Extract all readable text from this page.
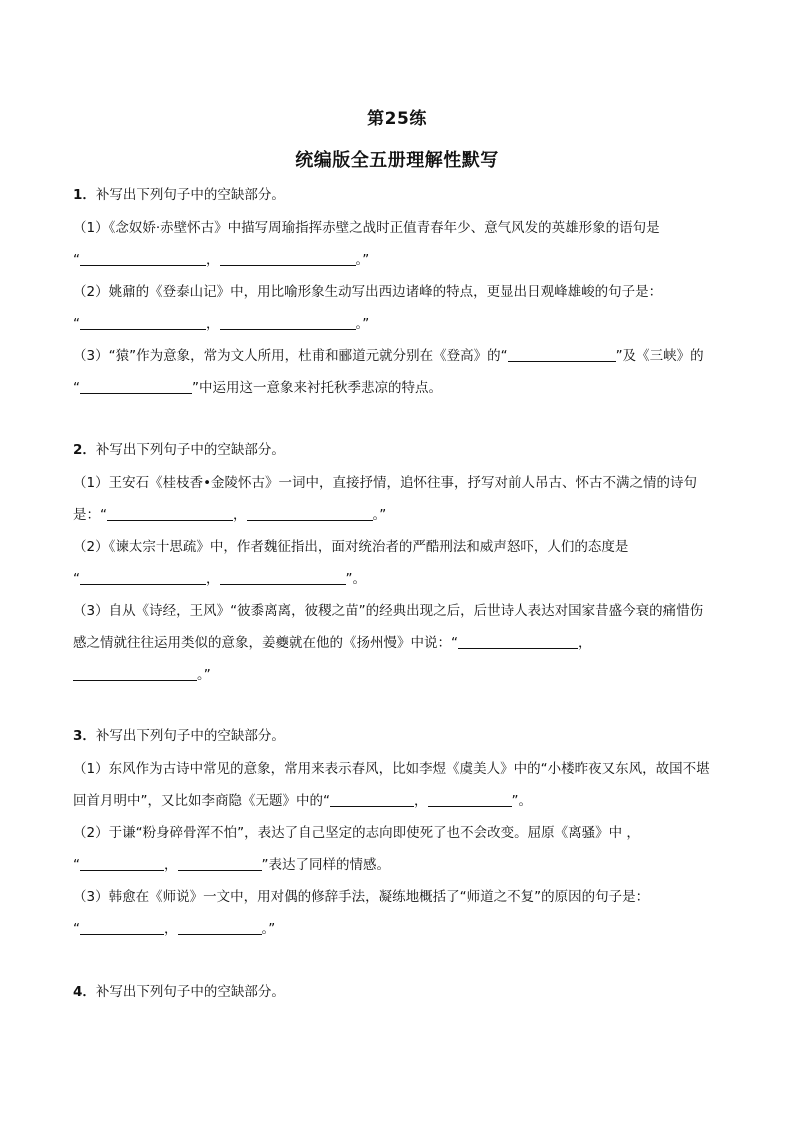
第25练
统编版全五册理解性默写
1．补写出下列句子中的空缺部分。
（1）《念奴娇·赤壁怀古》中描写周瑜指挥赤壁之战时正值青春年少、意气风发的英雄形象的语句是
“	，	。”
（2）姚鼐的《登泰山记》中，用比喻形象生动写出西边诸峰的特点，更显出日观峰雄峻的句子是：
“	，	。”
（3）“猿”作为意象，常为文人所用，杜甫和郦道元就分别在《登高》的“	”及《三峡》的
“	”中运用这一意象来衬托秋季悲凉的特点。
2．补写出下列句子中的空缺部分。
（1）王安石《桂枝香•金陵怀古》一词中，直接抒情，追怀往事，抒写对前人吊古、怀古不满之情的诗句
是：“	，	。”
（2）《谏太宗十思疏》中，作者魏征指出，面对统治者的严酷刑法和威声怒吓，人们的态度是
“	，	”。
（3）自从《诗经，王风》“彼黍离离，彼稷之苗”的经典出现之后，后世诗人表达对国家昔盛今衰的痛惜伤
感之情就往往运用类似的意象，姜夔就在他的《扬州慢》中说：“	，
。”
3．补写出下列句子中的空缺部分。
（1）东风作为古诗中常见的意象，常用来表示春风，比如李煜《虞美人》中的“小楼昨夜又东风，故国不堪
回首月明中”，又比如李商隐《无题》中的“	，	”。
（2）于谦“粉身碎骨浑不怕”，表达了自己坚定的志向即使死了也不会改变。屈原《离骚》中 ，
“	，	”表达了同样的情感。
（3）韩愈在《师说》一文中，用对偶的修辞手法，凝练地概括了“师道之不复”的原因的句子是：
“	，	。”
4．补写出下列句子中的空缺部分。
